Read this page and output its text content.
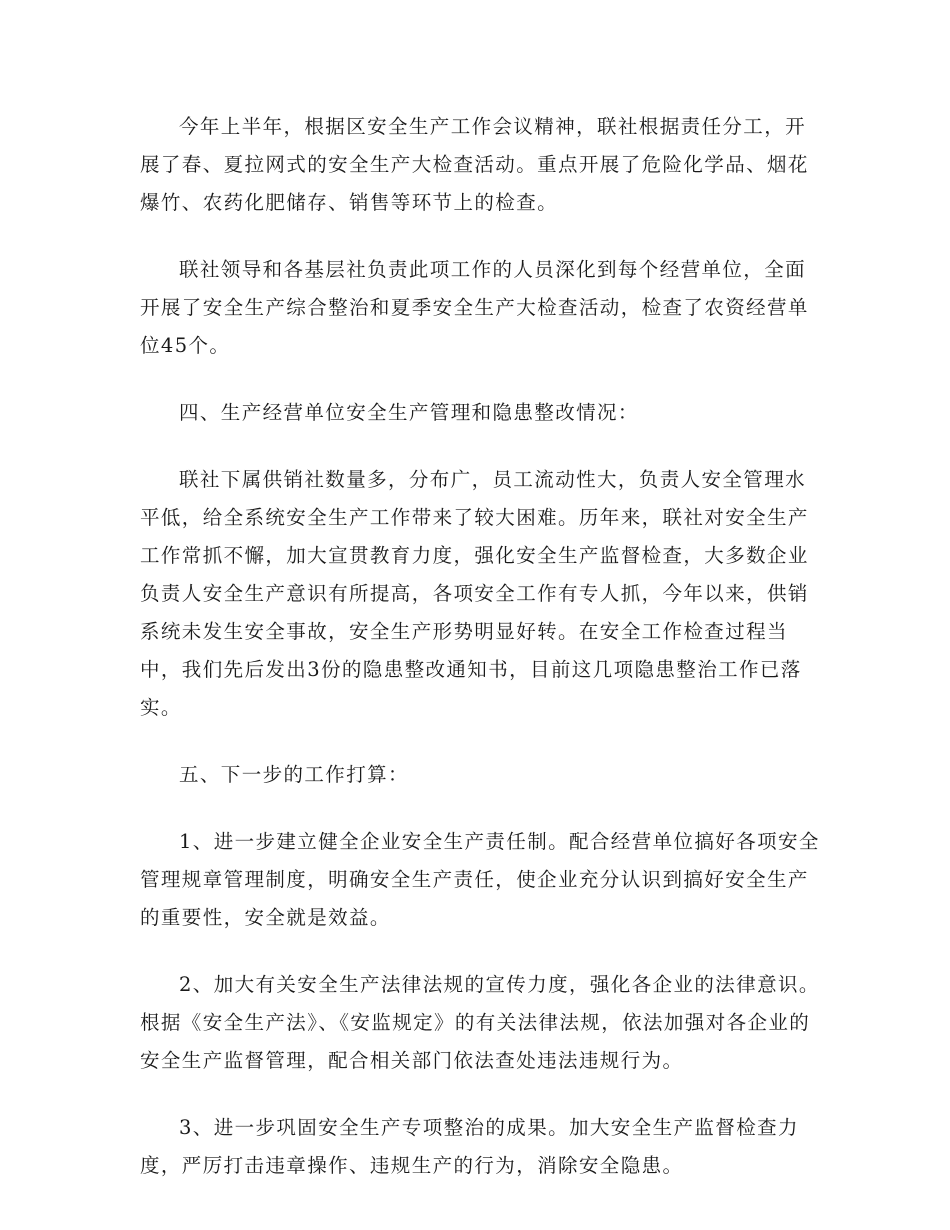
今年上半年，根据区安全生产工作会议精神，联社根据责任分工，开展了春、夏拉网式的安全生产大检查活动。重点开展了危险化学品、烟花爆竹、农药化肥储存、销售等环节上的检查。

联社领导和各基层社负责此项工作的人员深化到每个经营单位，全面开展了安全生产综合整治和夏季安全生产大检查活动，检查了农资经营单位45个。

四、生产经营单位安全生产管理和隐患整改情况：

联社下属供销社数量多，分布广，员工流动性大，负责人安全管理水平低，给全系统安全生产工作带来了较大困难。历年来，联社对安全生产工作常抓不懈，加大宣贯教育力度，强化安全生产监督检查，大多数企业负责人安全生产意识有所提高，各项安全工作有专人抓，今年以来，供销系统未发生安全事故，安全生产形势明显好转。在安全工作检查过程当中，我们先后发出3份的隐患整改通知书，目前这几项隐患整治工作已落实。

五、下一步的工作打算：

1、进一步建立健全企业安全生产责任制。配合经营单位搞好各项安全管理规章管理制度，明确安全生产责任，使企业充分认识到搞好安全生产的重要性，安全就是效益。

2、加大有关安全生产法律法规的宣传力度，强化各企业的法律意识。根据《安全生产法》、《安监规定》的有关法律法规，依法加强对各企业的安全生产监督管理，配合相关部门依法查处违法违规行为。

3、进一步巩固安全生产专项整治的成果。加大安全生产监督检查力度，严厉打击违章操作、违规生产的行为，消除安全隐患。
